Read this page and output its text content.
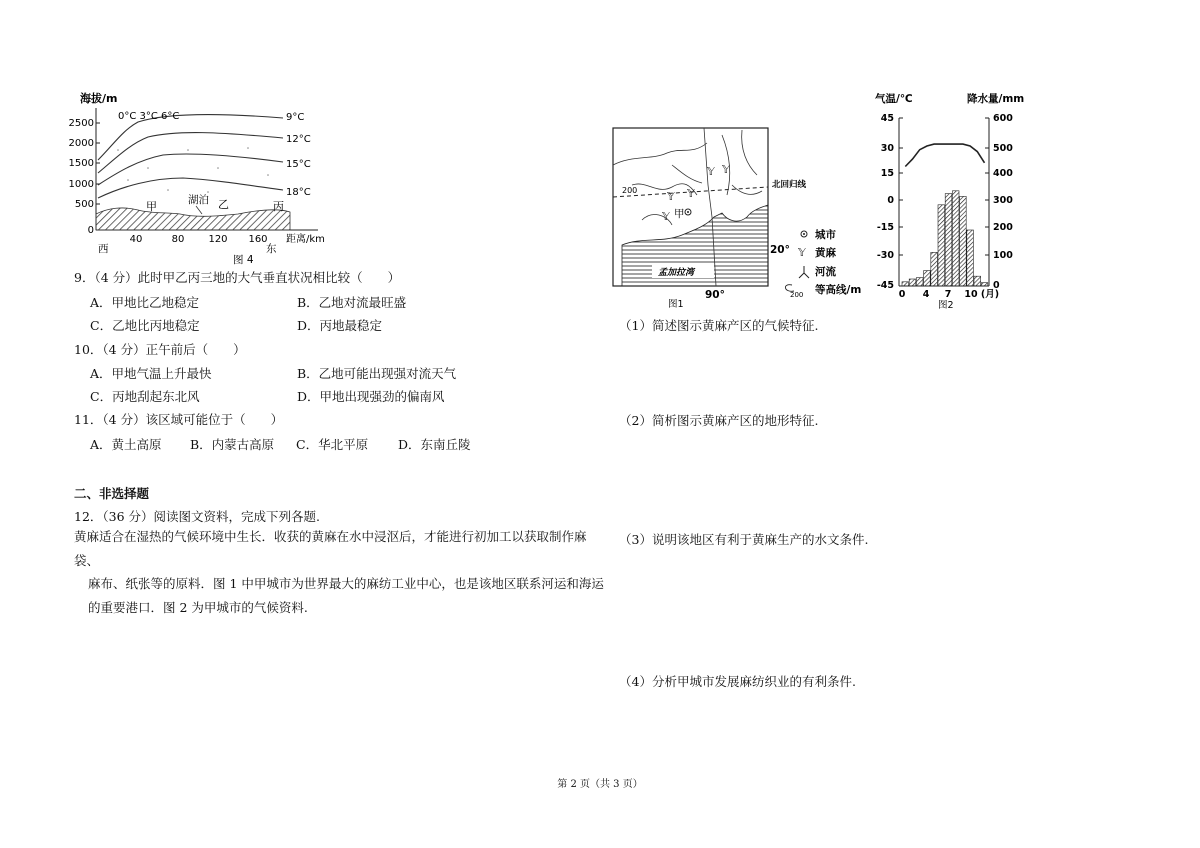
海拔/m
2500
2000
1500
1000
500
0
40	80 120 160
西	东
距离/km
0°C 3°C 6°C	9°C
12°C
15°C
18°C
湖泊
甲	乙	丙
图 4
9．（4 分）此时甲乙丙三地的大气垂直状况相比较（　　）
A．甲地比乙地稳定	B．乙地对流最旺盛
C．乙地比丙地稳定	D．丙地最稳定
10．（4 分）正午前后（　　）
A．甲地气温上升最快	B．乙地可能出现强对流天气
C．丙地刮起东北风	D．甲地出现强劲的偏南风
11．（4 分）该区域可能位于（　　）
A．黄土高原 B．内蒙古高原 C．华北平原 D．东南丘陵
二、非选择题
12．（36 分）阅读图文资料，完成下列各题.
黄麻适合在湿热的气候环境中生长．收获的黄麻在水中浸沤后，才能进行初加工以获取制作麻袋、
麻布、纸张等的原料．图 1 中甲城市为世界最大的麻纺工业中心，也是该地区联系河运和海运
的重要港口．图 2 为甲城市的气候资料.
𝕐 𝕐
𝕐 𝕐
𝕐 甲
200
孟加拉湾
北回归线
20°
90°
图1
城市
𝕐 黄麻
河流
200 等高线/m
气温/℃	降水量/mm
45
30
15
0
-15
-30
-45
600
500
400
300
200
100
0
0 4 7 10 (月)
图2
（1）简述图示黄麻产区的气候特征.
（2）简析图示黄麻产区的地形特征.
（3）说明该地区有利于黄麻生产的水文条件.
（4）分析甲城市发展麻纺织业的有利条件.
第 2 页（共 3 页）
